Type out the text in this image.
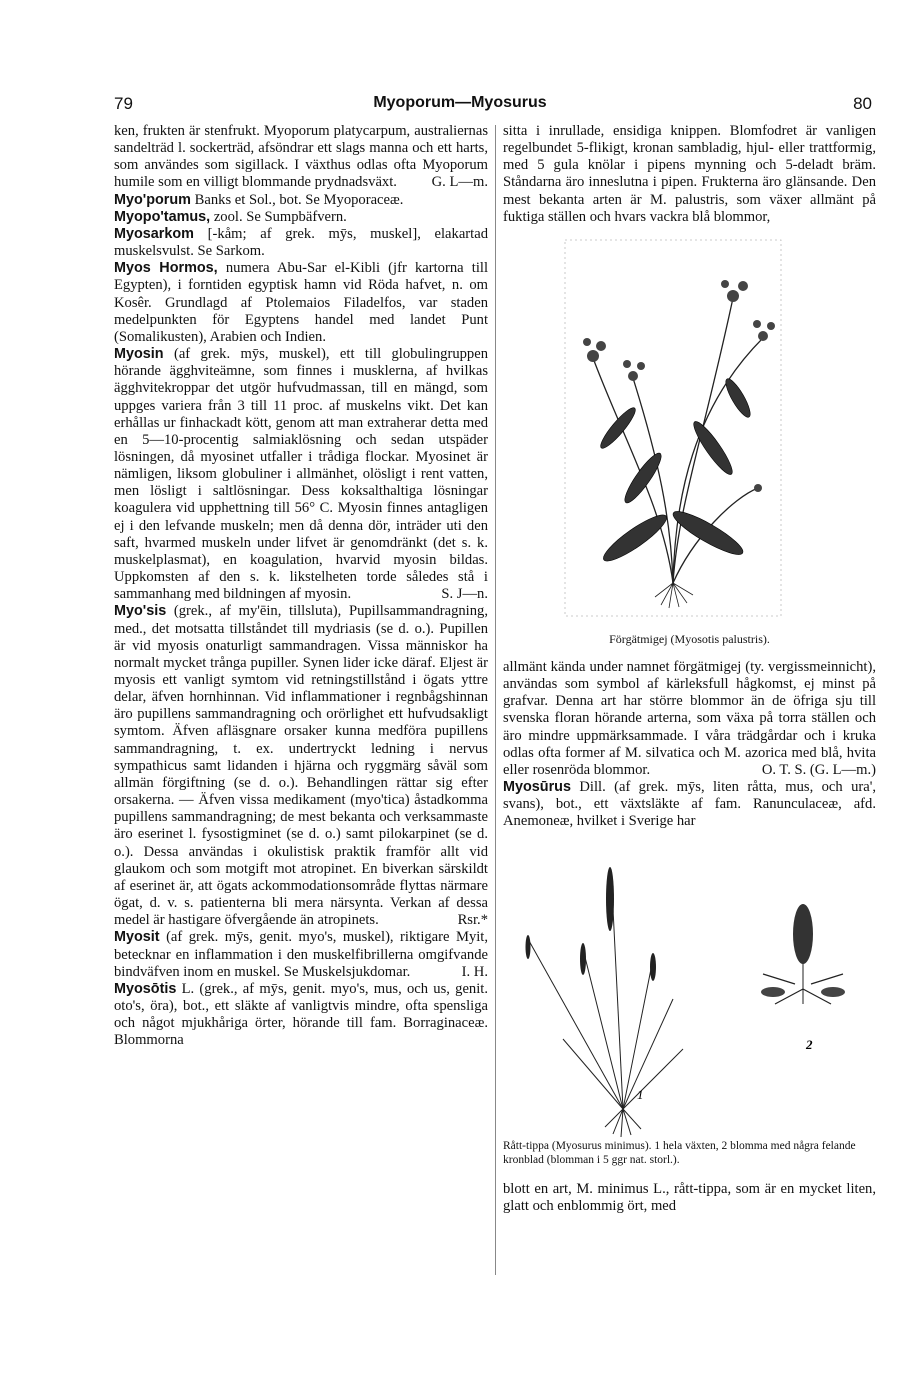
79	Myoporum—Myosurus	80

ken, frukten är stenfrukt. Myoporum platycarpum, australiernas sandelträd l. sockerträd, afsöndrar ett slags manna och ett harts, som användes som sigillack. I växthus odlas ofta Myoporum humile som en villigt blommande prydnadsväxt. G. L—m.

Myo'porum Banks et Sol., bot. Se Myoporaceæ.

Myopo'tamus, zool. Se Sumpbäfvern.

Myosarkom [-kåm; af grek. mȳs, muskel], elakartad muskelsvulst. Se Sarkom.

Myos Hormos, numera Abu-Sar el-Kibli (jfr kartorna till Egypten), i forntiden egyptisk hamn vid Röda hafvet, n. om Kosêr. Grundlagd af Ptolemaios Filadelfos, var staden medelpunkten för Egyptens handel med landet Punt (Somalikusten), Arabien och Indien.

Myosin (af grek. mȳs, muskel), ett till globulingruppen hörande ägghviteämne, som finnes i musklerna, af hvilkas ägghvitekroppar det utgör hufvudmassan, till en mängd, som uppges variera från 3 till 11 proc. af muskelns vikt. Det kan erhållas ur finhackadt kött, genom att man extraherar detta med en 5—10-procentig salmiaklösning och sedan utspäder lösningen, då myosinet utfaller i trådiga flockar. Myosinet är nämligen, liksom globuliner i allmänhet, olösligt i rent vatten, men lösligt i saltlösningar. Dess koksalthaltiga lösningar koagulera vid upphettning till 56° C. Myosin finnes antagligen ej i den lefvande muskeln; men då denna dör, inträder uti den saft, hvarmed muskeln under lifvet är genomdränkt (det s. k. muskelplasmat), en koagulation, hvarvid myosin bildas. Uppkomsten af den s. k. likstelheten torde således stå i sammanhang med bildningen af myosin.	S. J—n.

Myo'sis (grek., af my'ēin, tillsluta), Pupillsammandragning, med., det motsatta tillståndet till mydriasis (se d. o.). Pupillen är vid myosis onaturligt sammandragen. Vissa människor ha normalt mycket trånga pupiller. Synen lider icke däraf. Eljest är myosis ett vanligt symtom vid retningstillstånd i ögats yttre delar, äfven hornhinnan. Vid inflammationer i regnbågshinnan äro pupillens sammandragning och orörlighet ett hufvudsakligt symtom. Äfven afläsgnare orsaker kunna medföra pupillens sammandragning, t. ex. undertryckt ledning i nervus sympathicus samt lidanden i hjärna och ryggmärg såväl som allmän förgiftning (se d. o.). Behandlingen rättar sig efter orsakerna. — Äfven vissa medikament (myo'tica) åstadkomma pupillens sammandragning; de mest bekanta och verksammaste äro eserinet l. fysostigminet (se d. o.) samt pilokarpinet (se d. o.). Dessa användas i okulistisk praktik framför allt vid glaukom och som motgift mot atropinet. En biverkan särskildt af eserinet är, att ögats ackommodationsområde flyttas närmare ögat, d. v. s. patienterna bli mera närsynta. Verkan af dessa medel är hastigare öfvergående än atropinets.	Rsr.*

Myosit (af grek. mȳs, genit. myo's, muskel), riktigare Myit, betecknar en inflammation i den muskelfibrillerna omgifvande bindväfven inom en muskel. Se Muskelsjukdomar.	I. H.

Myosōtis L. (grek., af mȳs, genit. myo's, mus, och us, genit. oto's, öra), bot., ett släkte af vanligtvis mindre, ofta spensliga och något mjukhåriga örter, hörande till fam. Borraginaceæ. Blommorna

sitta i inrullade, ensidiga knippen. Blomfodret är vanligen regelbundet 5-flikigt, kronan sambladig, hjul- eller trattformig, med 5 gula knölar i pipens mynning och 5-deladt bräm. Ståndarna äro inneslutna i pipen. Frukterna äro glänsande. Den mest bekanta arten är M. palustris, som växer allmänt på fuktiga ställen och hvars vackra blå blommor,

Förgätmigej (Myosotis palustris).

allmänt kända under namnet förgätmigej (ty. vergissmeinnicht), användas som symbol af kärleksfull hågkomst, ej minst på grafvar. Denna art har större blommor än de öfriga sju till svenska floran hörande arterna, som växa på torra ställen och äro mindre uppmärksammade. I våra trädgårdar och i kruka odlas ofta former af M. silvatica och M. azorica med blå, hvita eller rosenröda blommor.	O. T. S. (G. L—m.)

Myosūrus Dill. (af grek. mȳs, liten råtta, mus, och ura', svans), bot., ett växtsläkte af fam. Ranunculaceæ, afd. Anemoneæ, hvilket i Sverige har

1
2

Rått-tippa (Myosurus minimus). 1 hela växten, 2 blomma med några felande kronblad (blomman i 5 ggr nat. storl.).

blott en art, M. minimus L., rått-tippa, som är en mycket liten, glatt och enblommig ört, med
